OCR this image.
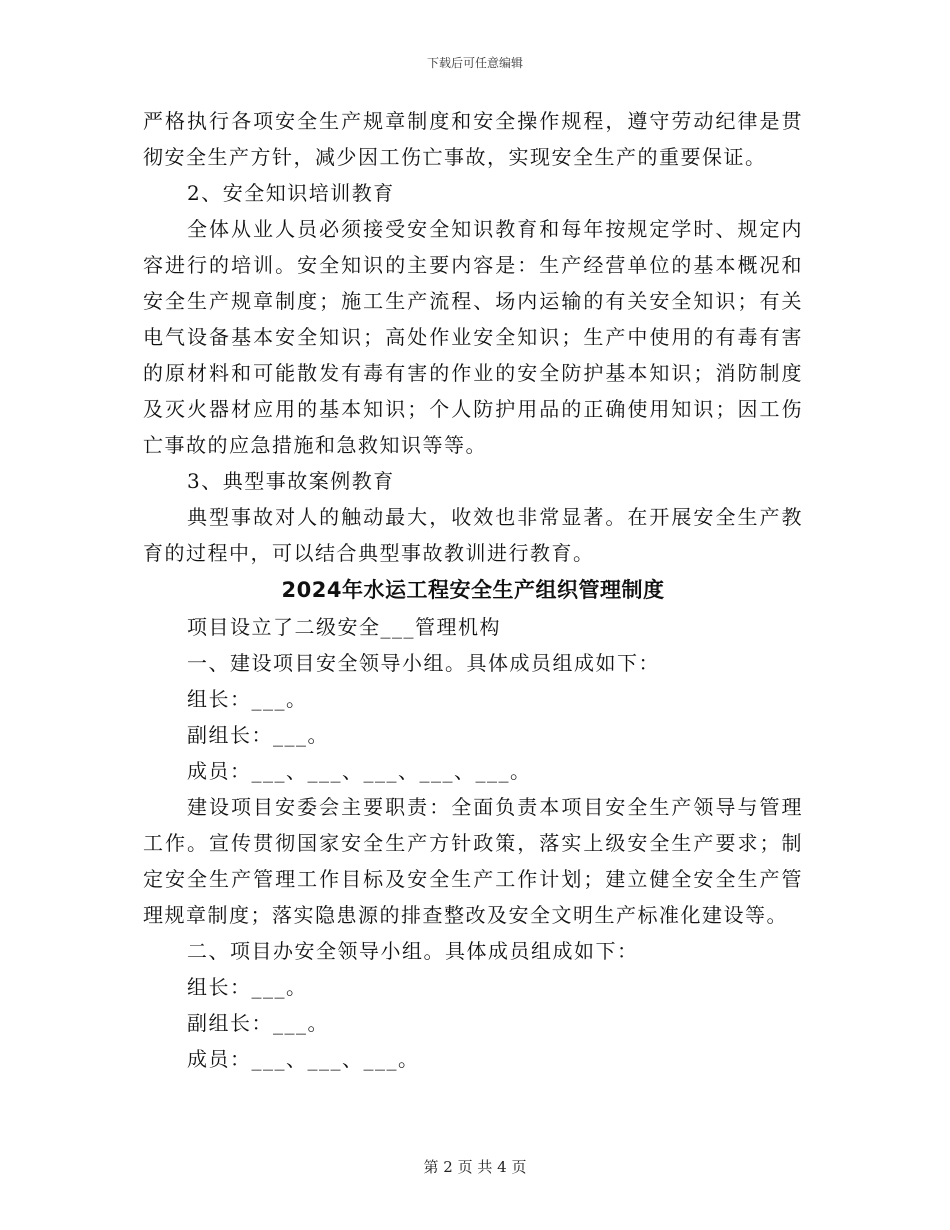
下载后可任意编辑

严格执行各项安全生产规章制度和安全操作规程，遵守劳动纪律是贯彻安全生产方针，减少因工伤亡事故，实现安全生产的重要保证。

2、安全知识培训教育

全体从业人员必须接受安全知识教育和每年按规定学时、规定内容进行的培训。安全知识的主要内容是：生产经营单位的基本概况和安全生产规章制度；施工生产流程、场内运输的有关安全知识；有关电气设备基本安全知识；高处作业安全知识；生产中使用的有毒有害的原材料和可能散发有毒有害的作业的安全防护基本知识；消防制度及灭火器材应用的基本知识；个人防护用品的正确使用知识；因工伤亡事故的应急措施和急救知识等等。

3、典型事故案例教育

典型事故对人的触动最大，收效也非常显著。在开展安全生产教育的过程中，可以结合典型事故教训进行教育。

2024年水运工程安全生产组织管理制度

项目设立了二级安全___管理机构

一、建设项目安全领导小组。具体成员组成如下：

组长：___。

副组长：___。

成员：___、___、___、___、___。

建设项目安委会主要职责：全面负责本项目安全生产领导与管理工作。宣传贯彻国家安全生产方针政策，落实上级安全生产要求；制定安全生产管理工作目标及安全生产工作计划；建立健全安全生产管理规章制度；落实隐患源的排查整改及安全文明生产标准化建设等。

二、项目办安全领导小组。具体成员组成如下：

组长：___。

副组长：___。

成员：___、___、___。

第 2 页 共 4 页
